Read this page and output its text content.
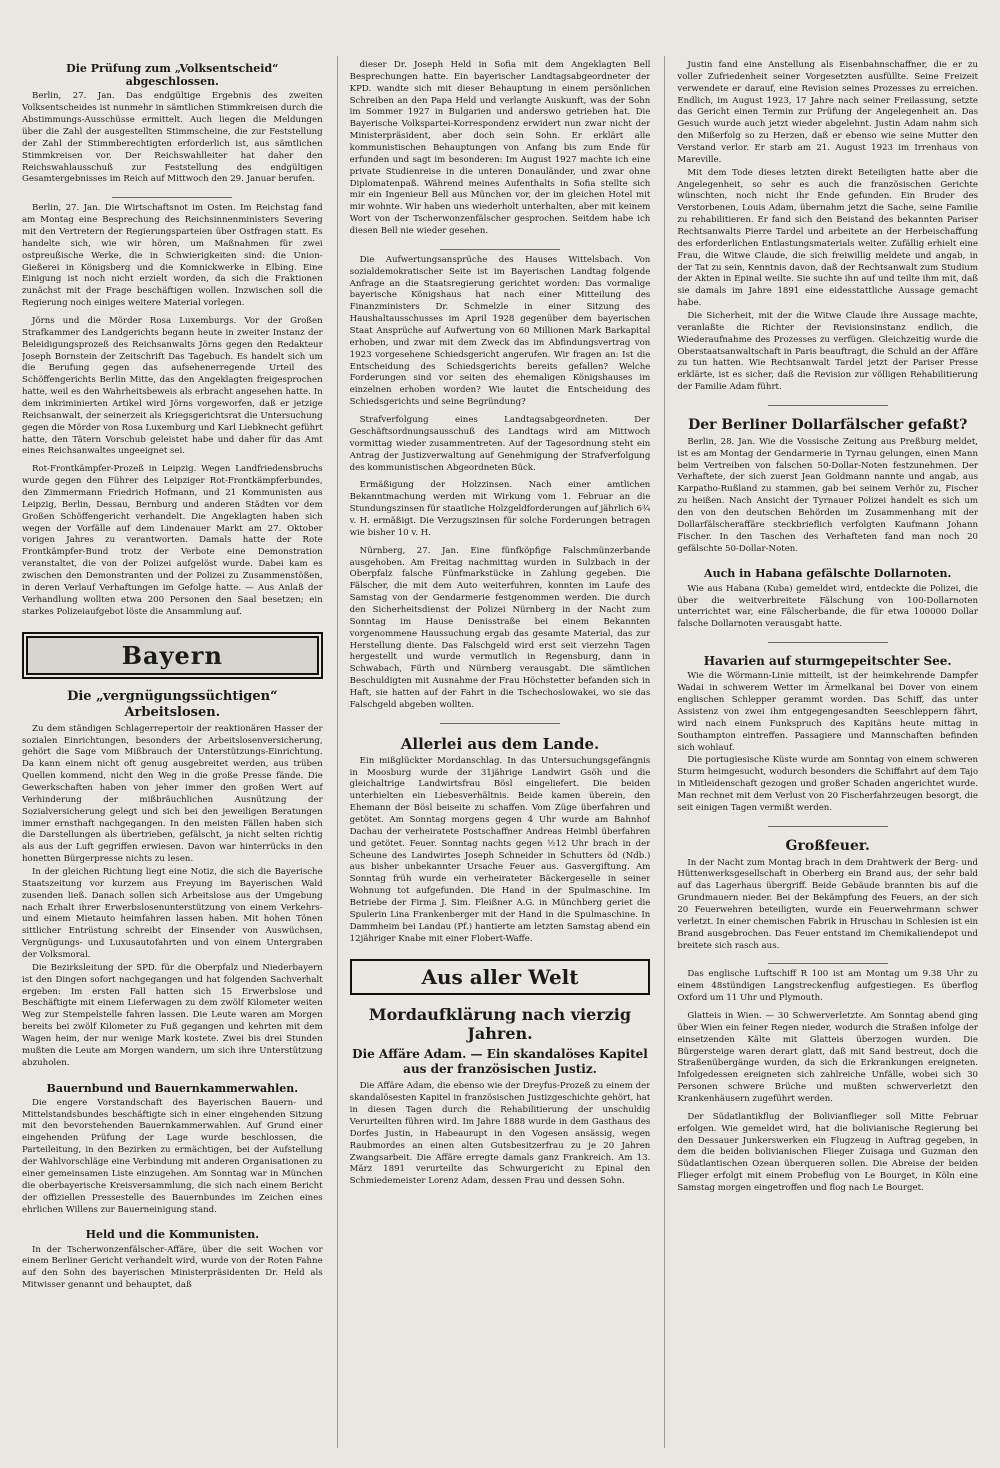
Die Prüfung zum „Volksentscheid“ abgeschlossen.

Berlin, 27. Jan. Das endgültige Ergebnis des zweiten Volksentscheides ist nunmehr in sämtlichen Stimmkreisen durch die Abstimmungs-Ausschüsse ermittelt. Auch liegen die Meldungen über die Zahl der ausgestellten Stimmscheine, die zur Feststellung der Zahl der Stimmberechtigten erforderlich ist, aus sämtlichen Stimmkreisen vor. Der Reichswahlleiter hat daher den Reichswahlausschuß zur Feststellung des endgültigen Gesamtergebnisses im Reich auf Mittwoch den 29. Januar berufen.

Berlin, 27. Jan. Die Wirtschaftsnot im Osten. Im Reichstag fand am Montag eine Besprechung des Reichsinnenministers Severing mit den Vertretern der Regierungsparteien über Ostfragen statt. Es handelte sich, wie wir hören, um Maßnahmen für zwei ostpreußische Werke, die in Schwierigkeiten sind: die Union-Gießerei in Königsberg und die Komnickwerke in Elbing. Eine Einigung ist noch nicht erzielt worden, da sich die Fraktionen zunächst mit der Frage beschäftigen wollen. Inzwischen soll die Regierung noch einiges weitere Material vorlegen.

Jörns und die Mörder Rosa Luxemburgs. Vor der Großen Strafkammer des Landgerichts begann heute in zweiter Instanz der Beleidigungsprozeß des Reichsanwalts Jörns gegen den Redakteur Joseph Bornstein der Zeitschrift Das Tagebuch. Es handelt sich um die Berufung gegen das aufsehenerregende Urteil des Schöffengerichts Berlin Mitte, das den Angeklagten freigesprochen hatte, weil es den Wahrheitsbeweis als erbracht angesehen hatte. In dem inkriminierten Artikel wird Jörns vorgeworfen, daß er jetzige Reichsanwalt, der seinerzeit als Kriegsgerichtsrat die Untersuchung gegen die Mörder von Rosa Luxemburg und Karl Liebknecht geführt hatte, den Tätern Vorschub geleistet habe und daher für das Amt eines Reichsanwaltes ungeeignet sei.

Rot-Frontkämpfer-Prozeß in Leipzig. Wegen Landfriedensbruchs wurde gegen den Führer des Leipziger Rot-Frontkämpferbundes, den Zimmermann Friedrich Hofmann, und 21 Kommunisten aus Leipzig, Berlin, Dessau, Bernburg und anderen Städten vor dem Großen Schöffengericht verhandelt. Die Angeklagten haben sich wegen der Vorfälle auf dem Lindenauer Markt am 27. Oktober vorigen Jahres zu verantworten. Damals hatte der Rote Frontkämpfer-Bund trotz der Verbote eine Demonstration veranstaltet, die von der Polizei aufgelöst wurde. Dabei kam es zwischen den Demonstranten und der Polizei zu Zusammenstößen, in deren Verlauf Verhaftungen im Gefolge hatte. — Aus Anlaß der Verhandlung wollten etwa 200 Personen den Saal besetzen; ein starkes Polizeiaufgebot löste die Ansammlung auf.

Bayern
Die „vergnügungssüchtigen“ Arbeitslosen.

Zu dem ständigen Schlagerrepertoir der reaktionären Hasser der sozialen Einrichtungen, besonders der Arbeitslosenversicherung, gehört die Sage vom Mißbrauch der Unterstützungs-Einrichtung. Da kann einem nicht oft genug ausgebreitet werden, aus trüben Quellen kommend, nicht den Weg in die große Presse fände. Die Gewerkschaften haben von jeher immer den großen Wert auf Verhinderung der mißbräuchlichen Ausnützung der Sozialversicherung gelegt und sich bei den jeweiligen Beratungen immer ernsthaft nachgegangen. In den meisten Fällen haben sich die Darstellungen als übertrieben, gefälscht, ja nicht selten richtig als aus der Luft gegriffen erwiesen. Davon war hinterrücks in den honetten Bürgerpresse nichts zu lesen.

In der gleichen Richtung liegt eine Notiz, die sich die Bayerische Staatszeitung vor kurzem aus Freyung im Bayerischen Wald zusenden ließ. Danach sollen sich Arbeitslose aus der Umgebung nach Erhalt ihrer Erwerbslosenunterstützung von einem Verkehrs- und einem Mietauto heimfahren lassen haben. Mit hohen Tönen sittlicher Entrüstung schreibt der Einsender von Auswüchsen, Vergnügungs- und Luxusautofahrten und von einem Untergraben der Volksmoral.

Die Bezirksleitung der SPD. für die Oberpfalz und Niederbayern ist den Dingen sofort nachgegangen und hat folgenden Sachverhalt ergeben: Im ersten Fall hatten sich 15 Erwerbslose und Beschäftigte mit einem Lieferwagen zu dem zwölf Kilometer weiten Weg zur Stempelstelle fahren lassen. Die Leute waren am Morgen bereits bei zwölf Kilometer zu Fuß gegangen und kehrten mit dem Wagen heim, der nur wenige Mark kostete. Zwei bis drei Stunden mußten die Leute am Morgen wandern, um sich ihre Unterstützung abzuholen.

Bauernbund und Bauernkammerwahlen.

Die engere Vorstandschaft des Bayerischen Bauern- und Mittelstandsbundes beschäftigte sich in einer eingehenden Sitzung mit den bevorstehenden Bauernkammerwahlen. Auf Grund einer eingehenden Prüfung der Lage wurde beschlossen, die Parteileitung, in den Bezirken zu ermächtigen, bei der Aufstellung der Wahlvorschläge eine Verbindung mit anderen Organisationen zu einer gemeinsamen Liste einzugehen. Am Sonntag war in München die oberbayerische Kreisversammlung, die sich nach einem Bericht der offiziellen Pressestelle des Bauernbundes im Zeichen eines ehrlichen Willens zur Bauerneinigung stand.

Held und die Kommunisten.

In der Tscherwonzenfälscher-Affäre, über die seit Wochen vor einem Berliner Gericht verhandelt wird, wurde von der Roten Fahne auf den Sohn des bayerischen Ministerpräsidenten Dr. Held als Mitwisser genannt und behauptet, daß

dieser Dr. Joseph Held in Sofia mit dem Angeklagten Bell Besprechungen hatte. Ein bayerischer Landtagsabgeordneter der KPD. wandte sich mit dieser Behauptung in einem persönlichen Schreiben an den Papa Held und verlangte Auskunft, was der Sohn im Sommer 1927 in Bulgarien und anderswo getrieben hat. Die Bayerische Volkspartei-Korrespondenz erwidert nun zwar nicht der Ministerpräsident, aber doch sein Sohn. Er erklärt alle kommunistischen Behauptungen von Anfang bis zum Ende für erfunden und sagt im besonderen: Im August 1927 machte ich eine private Studienreise in die unteren Donauländer, und zwar ohne Diplomatenpaß. Während meines Aufenthalts in Sofia stellte sich mir ein Ingenieur Bell aus München vor, der im gleichen Hotel mit mir wohnte. Wir haben uns wiederholt unterhalten, aber mit keinem Wort von der Tscherwonzenfälscher gesprochen. Seitdem habe ich diesen Bell nie wieder gesehen.

Die Aufwertungsansprüche des Hauses Wittelsbach. Von sozialdemokratischer Seite ist im Bayerischen Landtag folgende Anfrage an die Staatsregierung gerichtet worden: Das vormalige bayerische Königshaus hat nach einer Mitteilung des Finanzministers Dr. Schmelzle in einer Sitzung des Haushaltausschusses im April 1928 gegenüber dem bayerischen Staat Ansprüche auf Aufwertung von 60 Millionen Mark Barkapital erhoben, und zwar mit dem Zweck das im Abfindungsvertrag von 1923 vorgesehene Schiedsgericht angerufen. Wir fragen an: Ist die Entscheidung des Schiedsgerichts bereits gefallen? Welche Forderungen sind vor seiten des ehemaligen Königshauses im einzelnen erhoben worden? Wie lautet die Entscheidung des Schiedsgerichts und seine Begründung?

Strafverfolgung eines Landtagsabgeordneten. Der Geschäftsordnungsausschuß des Landtags wird am Mittwoch vormittag wieder zusammentreten. Auf der Tagesordnung steht ein Antrag der Justizverwaltung auf Genehmigung der Strafverfolgung des kommunistischen Abgeordneten Bück.

Ermäßigung der Holzzinsen. Nach einer amtlichen Bekanntmachung werden mit Wirkung vom 1. Februar an die Stundungszinsen für staatliche Holzgeldforderungen auf jährlich 6¾ v. H. ermäßigt. Die Verzugszinsen für solche Forderungen betragen wie bisher 10 v. H.

Nürnberg, 27. Jan. Eine fünfköpfige Falschmünzerbande ausgehoben. Am Freitag nachmittag wurden in Sulzbach in der Oberpfalz falsche Fünfmarkstücke in Zahlung gegeben. Die Fälscher, die mit dem Auto weiterfuhren, konnten im Laufe des Samstag von der Gendarmerie festgenommen werden. Die durch den Sicherheitsdienst der Polizei Nürnberg in der Nacht zum Sonntag im Hause Denisstraße bei einem Bekannten vorgenommene Haussuchung ergab das gesamte Material, das zur Herstellung diente. Das Falschgeld wird erst seit vierzehn Tagen hergestellt und wurde vermutlich in Regensburg, dann in Schwabach, Fürth und Nürnberg verausgabt. Die sämtlichen Beschuldigten mit Ausnahme der Frau Höchstetter befanden sich in Haft, sie hatten auf der Fahrt in die Tschechoslowakei, wo sie das Falschgeld abgeben wollten.

Allerlei aus dem Lande.

Ein mißglückter Mordanschlag. In das Untersuchungsgefängnis in Moosburg wurde der 31jährige Landwirt Gsöh und die gleichaltrige Landwirtsfrau Bösl eingeliefert. Die beiden unterhielten ein Liebesverhältnis. Beide kamen überein, den Ehemann der Bösl beiseite zu schaffen. Vom Züge überfahren und getötet. Am Sonntag morgens gegen 4 Uhr wurde am Bahnhof Dachau der verheiratete Postschaffner Andreas Heimbl überfahren und getötet. Feuer. Sonntag nachts gegen ½12 Uhr brach in der Scheune des Landwirtes Joseph Schneider in Schutters öd (Ndb.) aus bisher unbekannter Ursache Feuer aus. Gasvergiftung. Am Sonntag früh wurde ein verheirateter Bäckergeselle in seiner Wohnung tot aufgefunden. Die Hand in der Spulmaschine. Im Betriebe der Firma J. Sim. Fleißner A.G. in Münchberg geriet die Spulerin Lina Frankenberger mit der Hand in die Spulmaschine. In Dammheim bei Landau (Pf.) hantierte am letzten Samstag abend ein 12jähriger Knabe mit einer Flobert-Waffe.

Aus aller Welt
Mordaufklärung nach vierzig Jahren.
Die Affäre Adam. — Ein skandalöses Kapitel aus der französischen Justiz.

Die Affäre Adam, die ebenso wie der Dreyfus-Prozeß zu einem der skandalösesten Kapitel in französischen Justizgeschichte gehört, hat in diesen Tagen durch die Rehabilitierung der unschuldig Verurteilten führen wird. Im Jahre 1888 wurde in dem Gasthaus des Dorfes Justin, in Habeaurupt in den Vogesen ansässig, wegen Raubmordes an einen alten Gutsbesitzerfrau zu je 20 Jahren Zwangsarbeit. Die Affäre erregte damals ganz Frankreich. Am 13. März 1891 verurteilte das Schwurgericht zu Epinal den Schmiedemeister Lorenz Adam, dessen Frau und dessen Sohn.

Justin fand eine Anstellung als Eisenbahnschaffner, die er zu voller Zufriedenheit seiner Vorgesetzten ausfüllte. Seine Freizeit verwendete er darauf, eine Revision seines Prozesses zu erreichen. Endlich, im August 1923, 17 Jahre nach seiner Freilassung, setzte das Gericht einen Termin zur Prüfung der Angelegenheit an. Das Gesuch wurde auch jetzt wieder abgelehnt. Justin Adam nahm sich den Mißerfolg so zu Herzen, daß er ebenso wie seine Mutter den Verstand verlor. Er starb am 21. August 1923 im Irrenhaus von Mareville.

Mit dem Tode dieses letzten direkt Beteiligten hatte aber die Angelegenheit, so sehr es auch die französischen Gerichte wünschten, noch nicht ihr Ende gefunden. Ein Bruder des Verstorbenen, Louis Adam, übernahm jetzt die Sache, seine Familie zu rehabilitieren. Er fand sich den Beistand des bekannten Pariser Rechtsanwalts Pierre Tardel und arbeitete an der Herbeischaffung des erforderlichen Entlastungsmaterials weiter. Zufällig erhielt eine Frau, die Witwe Claude, die sich freiwillig meldete und angab, in der Tat zu sein, Kenntnis davon, daß der Rechtsanwalt zum Studium der Akten in Epinal weilte. Sie suchte ihn auf und teilte ihm mit, daß sie damals im Jahre 1891 eine eidesstattliche Aussage gemacht habe.

Die Sicherheit, mit der die Witwe Claude ihre Aussage machte, veranlaßte die Richter der Revisionsinstanz endlich, die Wiederaufnahme des Prozesses zu verfügen. Gleichzeitig wurde die Oberstaatsanwaltschaft in Paris beauftragt, die Schuld an der Affäre zu tun hatten. Wie Rechtsanwalt Tardel jetzt der Pariser Presse erklärte, ist es sicher, daß die Revision zur völligen Rehabilitierung der Familie Adam führt.

Der Berliner Dollarfälscher gefaßt?

Berlin, 28. Jan. Wie die Vossische Zeitung aus Preßburg meldet, ist es am Montag der Gendarmerie in Tyrnau gelungen, einen Mann beim Vertreiben von falschen 50-Dollar-Noten festzunehmen. Der Verhaftete, der sich zuerst Jean Goldmann nannte und angab, aus Karpatho-Rußland zu stammen, gab bei seinem Verhör zu, Fischer zu heißen. Nach Ansicht der Tyrnauer Polizei handelt es sich um den von den deutschen Behörden im Zusammenhang mit der Dollarfälscheraffäre steckbrieflich verfolgten Kaufmann Johann Fischer. In den Taschen des Verhafteten fand man noch 20 gefälschte 50-Dollar-Noten.

Auch in Habana gefälschte Dollarnoten.

Wie aus Habana (Kuba) gemeldet wird, entdeckte die Polizei, die über die weitverbreitete Fälschung von 100-Dollarnoten unterrichtet war, eine Fälscherbande, die für etwa 100000 Dollar falsche Dollarnoten verausgabt hatte.

Havarien auf sturmgepeitschter See.

Wie die Wörmann-Linie mitteilt, ist der heimkehrende Dampfer Wadai in schwerem Wetter im Ärmelkanal bei Dover von einem englischen Schlepper gerammt worden. Das Schiff, das unter Assistenz von zwei ihm entgegengesandten Seeschleppern fährt, wird nach einem Funkspruch des Kapitäns heute mittag in Southampton eintreffen. Passagiere und Mannschaften befinden sich wohlauf.

Die portugiesische Küste wurde am Sonntag von einem schweren Sturm heimgesucht, wodurch besonders die Schiffahrt auf dem Tajo in Mitleidenschaft gezogen und großer Schaden angerichtet wurde. Man rechnet mit dem Verlust von 20 Fischerfahrzeugen besorgt, die seit einigen Tagen vermißt werden.

Großfeuer.

In der Nacht zum Montag brach in dem Drahtwerk der Berg- und Hüttenwerksgesellschaft in Oberberg ein Brand aus, der sehr bald auf das Lagerhaus übergriff. Beide Gebäude brannten bis auf die Grundmauern nieder. Bei der Bekämpfung des Feuers, an der sich 20 Feuerwehren beteiligten, wurde ein Feuerwehrmann schwer verletzt. In einer chemischen Fabrik in Hruschau in Schlesien ist ein Brand ausgebrochen. Das Feuer entstand im Chemikaliendepot und breitete sich rasch aus.

Das englische Luftschiff R 100 ist am Montag um 9.38 Uhr zu einem 48stündigen Langstreckenflug aufgestiegen. Es überflog Oxford um 11 Uhr und Plymouth.

Glatteis in Wien. — 30 Schwerverletzte. Am Sonntag abend ging über Wien ein feiner Regen nieder, wodurch die Straßen infolge der einsetzenden Kälte mit Glatteis überzogen wurden. Die Bürgersteige waren derart glatt, daß mit Sand bestreut, doch die Straßenübergänge wurden, da sich die Erkrankungen ereigneten. Infolgedessen ereigneten sich zahlreiche Unfälle, wobei sich 30 Personen schwere Brüche und mußten schwerverletzt den Krankenhäusern zugeführt werden.

Der Südatlantikflug der Bolivianflieger soll Mitte Februar erfolgen. Wie gemeldet wird, hat die bolivianische Regierung bei den Dessauer Junkerswerken ein Flugzeug in Auftrag gegeben, in dem die beiden bolivianischen Flieger Zuisaga und Guzman den Südatlantischen Ozean überqueren sollen. Die Abreise der beiden Flieger erfolgt mit einem Probeflug von Le Bourget, in Köln eine Samstag morgen eingetroffen und flog nach Le Bourget.
